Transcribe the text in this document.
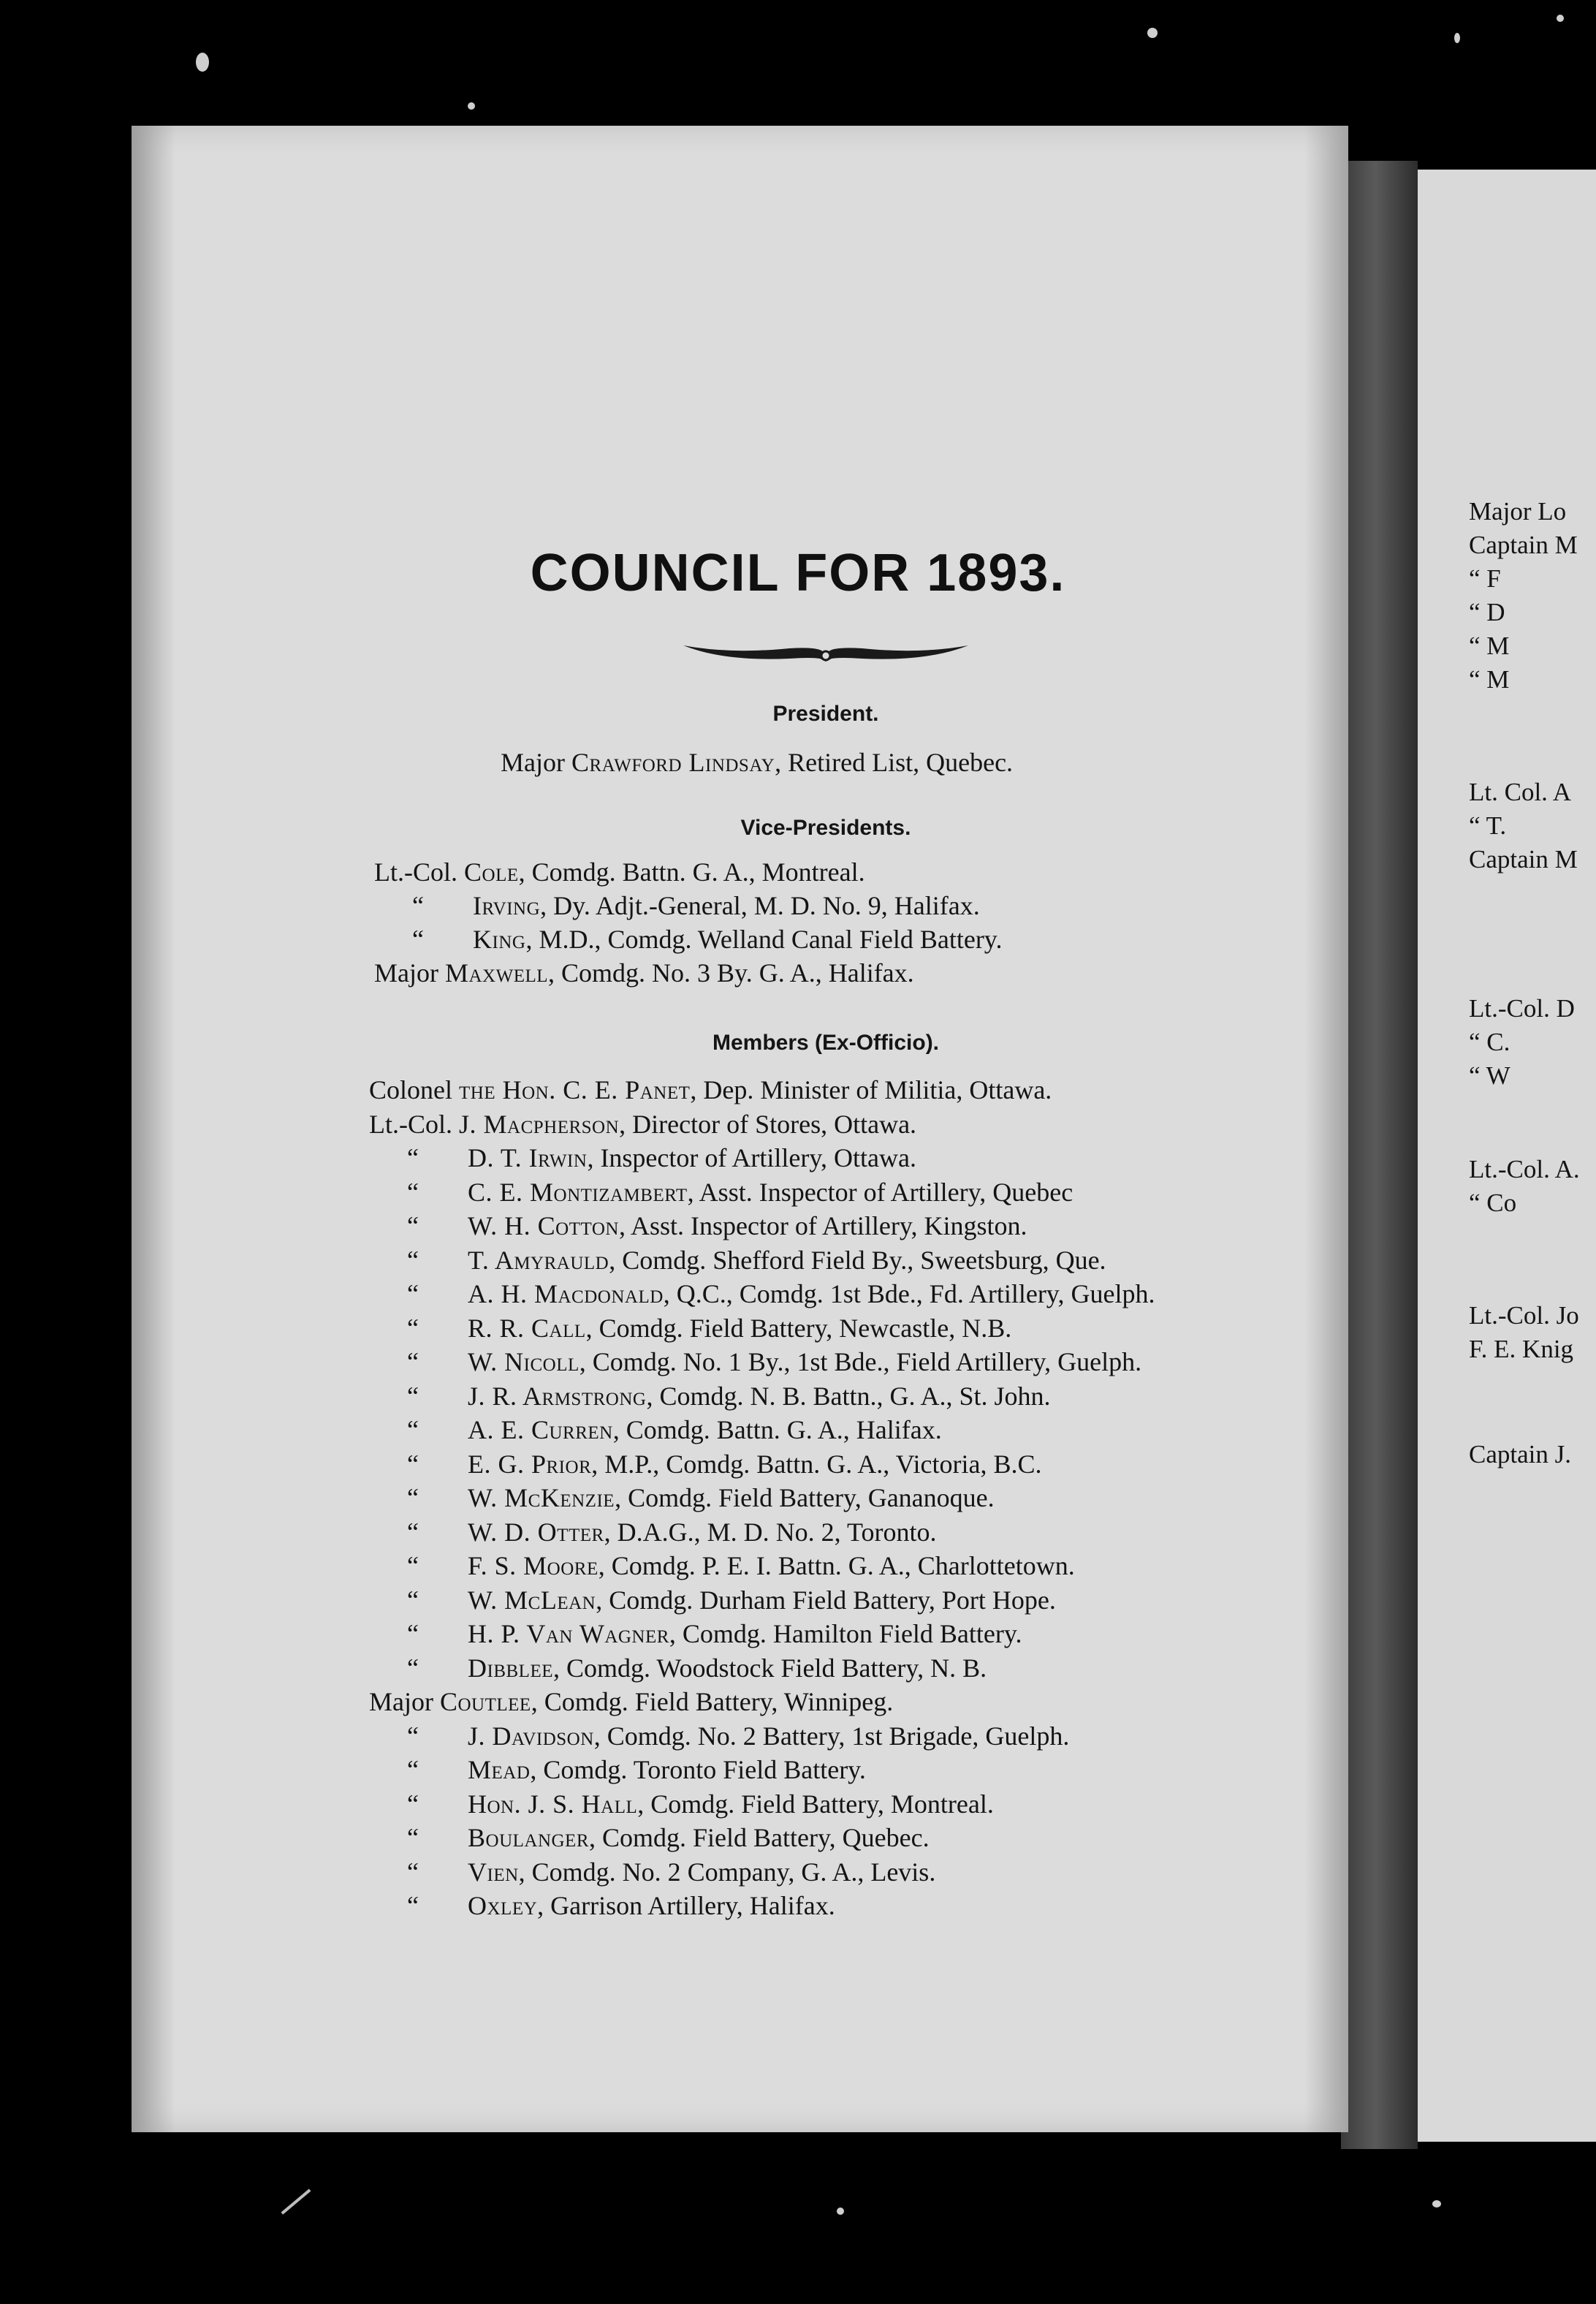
Major Lo
Captain M
“ F
“ D
“ M
“ M
Lt. Col. A
“ T.
Captain M
Lt.-Col. D
“ C.
“ W
Lt.-Col. A.
“ Co
Lt.-Col. Jo
F. E. Knig
Captain J.
COUNCIL FOR 1893.
President.
Major Crawford Lindsay, Retired List, Quebec.
Vice-Presidents.
Lt.-Col. Cole, Comdg. Battn. G. A., Montreal.
“ Irving, Dy. Adjt.-General, M. D. No. 9, Halifax.
“ King, M.D., Comdg. Welland Canal Field Battery.
Major Maxwell, Comdg. No. 3 By. G. A., Halifax.
Members (Ex-Officio).
Colonel the Hon. C. E. Panet, Dep. Minister of Militia, Ottawa.
Lt.-Col. J. Macpherson, Director of Stores, Ottawa.
“ D. T. Irwin, Inspector of Artillery, Ottawa.
“ C. E. Montizambert, Asst. Inspector of Artillery, Quebec
“ W. H. Cotton, Asst. Inspector of Artillery, Kingston.
“ T. Amyrauld, Comdg. Shefford Field By., Sweetsburg, Que.
“ A. H. Macdonald, Q.C., Comdg. 1st Bde., Fd. Artillery, Guelph.
“ R. R. Call, Comdg. Field Battery, Newcastle, N.B.
“ W. Nicoll, Comdg. No. 1 By., 1st Bde., Field Artillery, Guelph.
“ J. R. Armstrong, Comdg. N. B. Battn., G. A., St. John.
“ A. E. Curren, Comdg. Battn. G. A., Halifax.
“ E. G. Prior, M.P., Comdg. Battn. G. A., Victoria, B.C.
“ W. McKenzie, Comdg. Field Battery, Gananoque.
“ W. D. Otter, D.A.G., M. D. No. 2, Toronto.
“ F. S. Moore, Comdg. P. E. I. Battn. G. A., Charlottetown.
“ W. McLean, Comdg. Durham Field Battery, Port Hope.
“ H. P. Van Wagner, Comdg. Hamilton Field Battery.
“ Dibblee, Comdg. Woodstock Field Battery, N. B.
Major Coutlee, Comdg. Field Battery, Winnipeg.
“ J. Davidson, Comdg. No. 2 Battery, 1st Brigade, Guelph.
“ Mead, Comdg. Toronto Field Battery.
“ Hon. J. S. Hall, Comdg. Field Battery, Montreal.
“ Boulanger, Comdg. Field Battery, Quebec.
“ Vien, Comdg. No. 2 Company, G. A., Levis.
“ Oxley, Garrison Artillery, Halifax.
